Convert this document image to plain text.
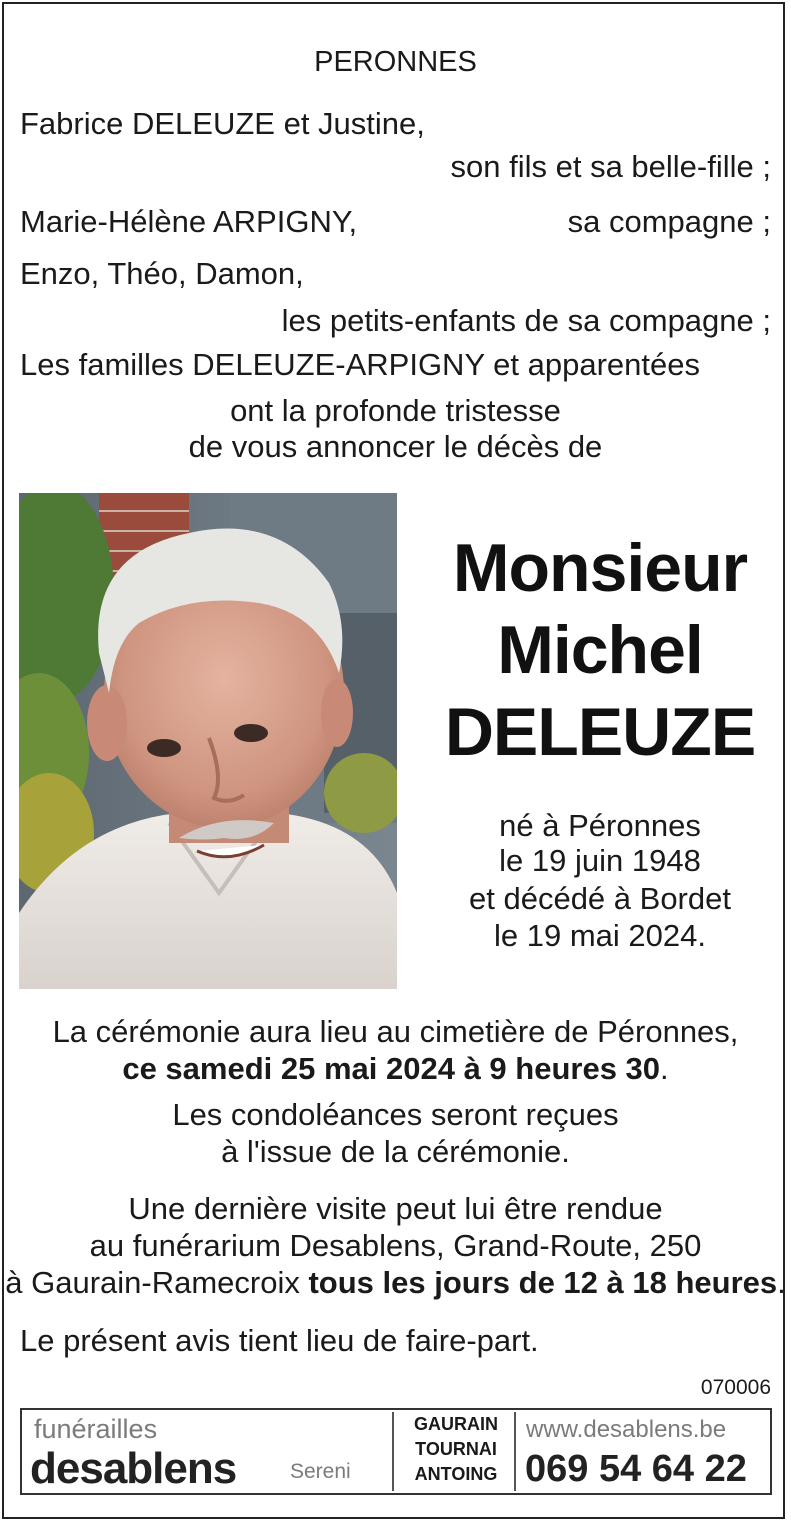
PERONNES
Fabrice DELEUZE et Justine,
son fils et sa belle-fille ;
Marie-Hélène ARPIGNY,	sa compagne ;
Enzo, Théo, Damon,
les petits-enfants de sa compagne ;
Les familles DELEUZE-ARPIGNY et apparentées
ont la profonde tristesse
de vous annoncer le décès de
Monsieur
Michel
DELEUZE
né à Péronnes
le 19 juin 1948
et décédé à Bordet
le 19 mai 2024.
La cérémonie aura lieu au cimetière de Péronnes,
ce samedi 25 mai 2024 à 9 heures 30.
Les condoléances seront reçues
à l'issue de la cérémonie.
Une dernière visite peut lui être rendue
au funérarium Desablens, Grand-Route, 250
à Gaurain-Ramecroix tous les jours de 12 à 18 heures.
Le présent avis tient lieu de faire-part.
070006
funérailles
desablens	Sereni
GAURAIN
TOURNAI
ANTOING
www.desablens.be
069 54 64 22
